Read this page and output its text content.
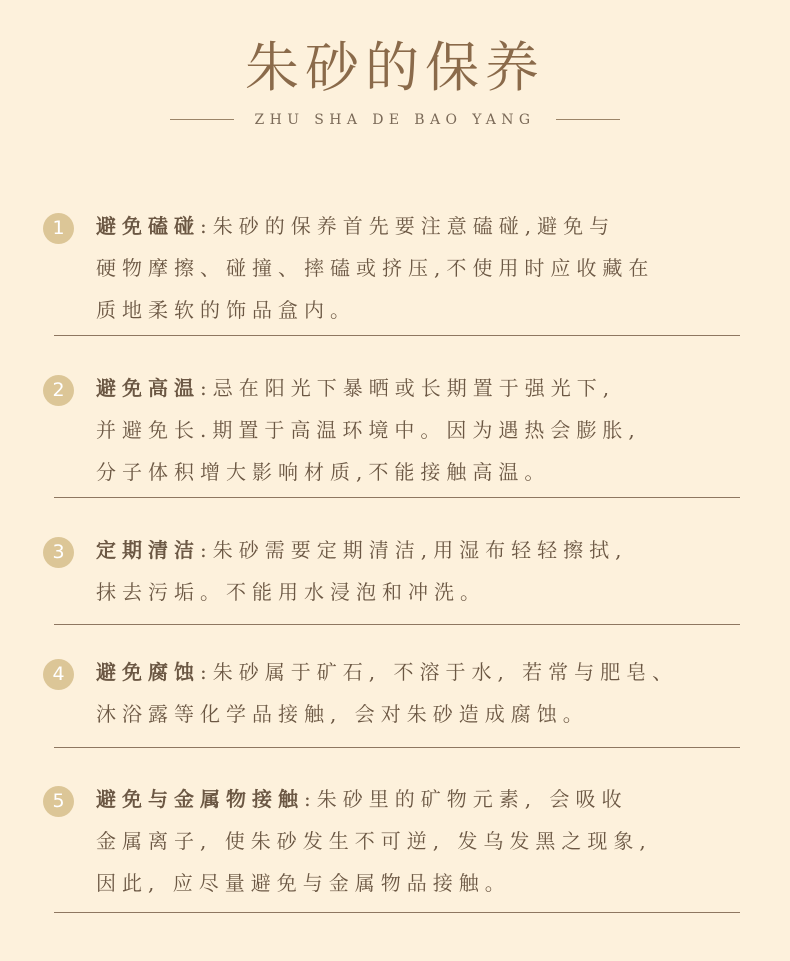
朱砂的保养
ZHU SHA DE BAO YANG
1	避免磕碰:朱砂的保养首先要注意磕碰,避免与
硬物摩擦、碰撞、摔磕或挤压,不使用时应收藏在
质地柔软的饰品盒内。
2	避免高温:忌在阳光下暴晒或长期置于强光下,
并避免长.期置于高温环境中。因为遇热会膨胀,
分子体积增大影响材质,不能接触高温。
3	定期清洁:朱砂需要定期清洁,用湿布轻轻擦拭,
抹去污垢。不能用水浸泡和冲洗。
4	避免腐蚀:朱砂属于矿石, 不溶于水, 若常与肥皂、
沐浴露等化学品接触, 会对朱砂造成腐蚀。
5	避免与金属物接触:朱砂里的矿物元素, 会吸收
金属离子, 使朱砂发生不可逆, 发乌发黑之现象,
因此, 应尽量避免与金属物品接触。
